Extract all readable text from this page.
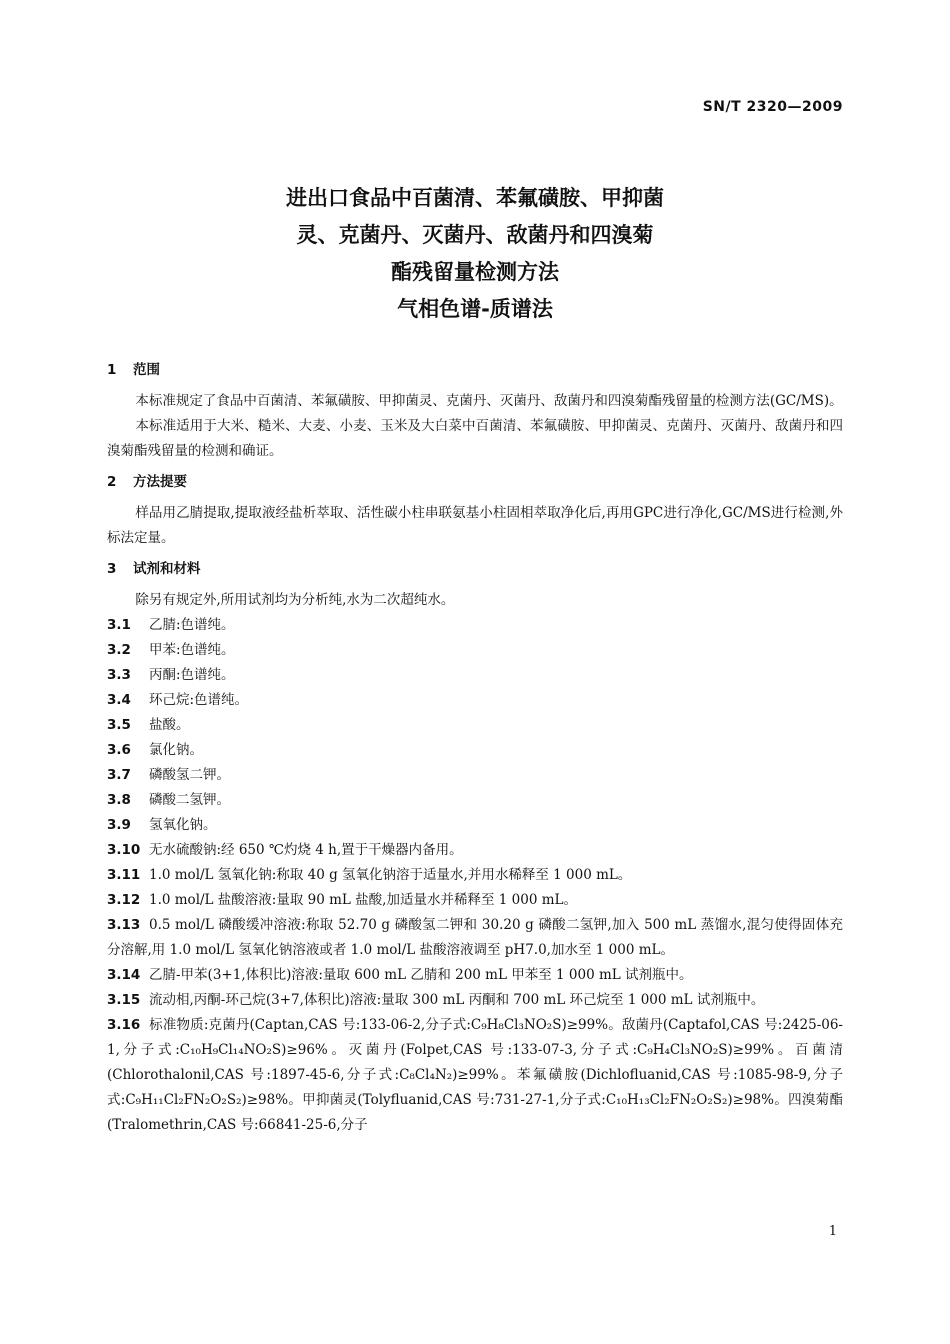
SN/T 2320—2009
进出口食品中百菌清、苯氟磺胺、甲抑菌
灵、克菌丹、灭菌丹、敌菌丹和四溴菊
酯残留量检测方法
气相色谱-质谱法
1 范围
本标准规定了食品中百菌清、苯氟磺胺、甲抑菌灵、克菌丹、灭菌丹、敌菌丹和四溴菊酯残留量的检测方法(GC/MS)。
本标准适用于大米、糙米、大麦、小麦、玉米及大白菜中百菌清、苯氟磺胺、甲抑菌灵、克菌丹、灭菌丹、敌菌丹和四溴菊酯残留量的检测和确证。
2 方法提要
样品用乙腈提取,提取液经盐析萃取、活性碳小柱串联氨基小柱固相萃取净化后,再用GPC进行净化,GC/MS进行检测,外标法定量。
3 试剂和材料
除另有规定外,所用试剂均为分析纯,水为二次超纯水。
3.1 乙腈:色谱纯。
3.2 甲苯:色谱纯。
3.3 丙酮:色谱纯。
3.4 环己烷:色谱纯。
3.5 盐酸。
3.6 氯化钠。
3.7 磷酸氢二钾。
3.8 磷酸二氢钾。
3.9 氢氧化钠。
3.10 无水硫酸钠:经 650 ℃灼烧 4 h,置于干燥器内备用。
3.11 1.0 mol/L 氢氧化钠:称取 40 g 氢氧化钠溶于适量水,并用水稀释至 1 000 mL。
3.12 1.0 mol/L 盐酸溶液:量取 90 mL 盐酸,加适量水并稀释至 1 000 mL。
3.13 0.5 mol/L 磷酸缓冲溶液:称取 52.70 g 磷酸氢二钾和 30.20 g 磷酸二氢钾,加入 500 mL 蒸馏水,混匀使得固体充分溶解,用 1.0 mol/L 氢氧化钠溶液或者 1.0 mol/L 盐酸溶液调至 pH7.0,加水至 1 000 mL。
3.14 乙腈-甲苯(3+1,体积比)溶液:量取 600 mL 乙腈和 200 mL 甲苯至 1 000 mL 试剂瓶中。
3.15 流动相,丙酮-环己烷(3+7,体积比)溶液:量取 300 mL 丙酮和 700 mL 环己烷至 1 000 mL 试剂瓶中。
3.16 标准物质:克菌丹(Captan,CAS 号:133-06-2,分子式:C₉H₈Cl₃NO₂S)≥99%。敌菌丹(Captafol,CAS 号:2425-06-1,分子式:C₁₀H₉Cl₁₄NO₂S)≥96%。灭菌丹(Folpet,CAS 号:133-07-3,分子式:C₉H₄Cl₃NO₂S)≥99%。百菌清(Chlorothalonil,CAS 号:1897-45-6,分子式:C₈Cl₄N₂)≥99%。苯氟磺胺(Dichlofluanid,CAS 号:1085-98-9,分子式:C₉H₁₁Cl₂FN₂O₂S₂)≥98%。甲抑菌灵(Tolyfluanid,CAS 号:731-27-1,分子式:C₁₀H₁₃Cl₂FN₂O₂S₂)≥98%。四溴菊酯(Tralomethrin,CAS 号:66841-25-6,分子
1
